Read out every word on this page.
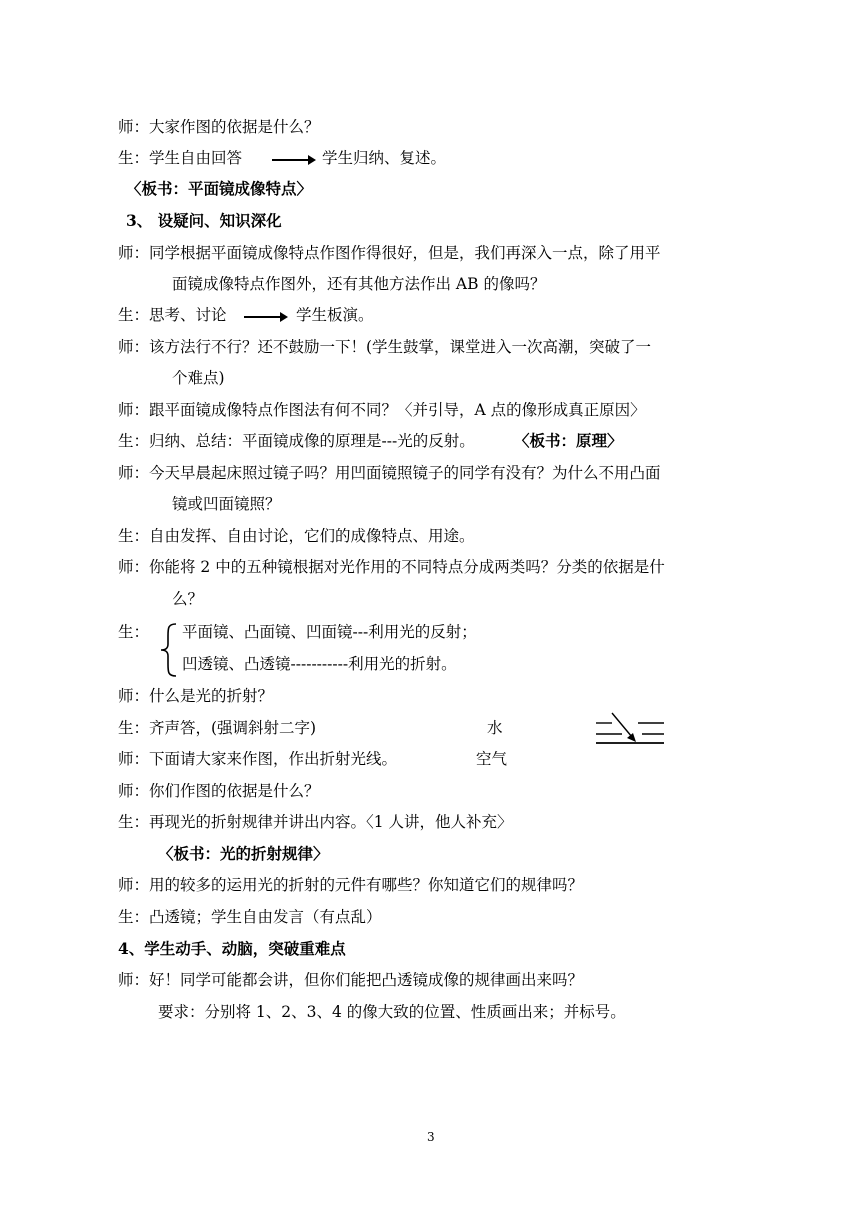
师：大家作图的依据是什么？
生：学生自由回答	学生归纳、复述。
〈板书：平面镜成像特点〉
3、 设疑问、知识深化
师：同学根据平面镜成像特点作图作得很好，但是，我们再深入一点，除了用平
面镜成像特点作图外，还有其他方法作出 AB 的像吗？
生：思考、讨论	学生板演。
师：该方法行不行？还不鼓励一下！(学生鼓掌，课堂进入一次高潮，突破了一
个难点)
师：跟平面镜成像特点作图法有何不同？〈并引导，A 点的像形成真正原因〉
生：归纳、总结：平面镜成像的原理是---光的反射。	〈板书：原理〉
师：今天早晨起床照过镜子吗？用凹面镜照镜子的同学有没有？为什么不用凸面
镜或凹面镜照？
生：自由发挥、自由讨论，它们的成像特点、用途。
师：你能将 2 中的五种镜根据对光作用的不同特点分成两类吗？分类的依据是什
么？
生： 平面镜、凸面镜、凹面镜---利用光的反射；
凹透镜、凸透镜-----------利用光的折射。
师：什么是光的折射？
生：齐声答，(强调斜射二字)	水
师：下面请大家来作图，作出折射光线。	空气
师：你们作图的依据是什么？
生：再现光的折射规律并讲出内容。〈1 人讲，他人补充〉
〈板书：光的折射规律〉
师：用的较多的运用光的折射的元件有哪些？你知道它们的规律吗？
生：凸透镜；学生自由发言（有点乱）
4、学生动手、动脑，突破重难点
师：好！同学可能都会讲，但你们能把凸透镜成像的规律画出来吗？
要求：分别将 1、2、3、4 的像大致的位置、性质画出来；并标号。
3
